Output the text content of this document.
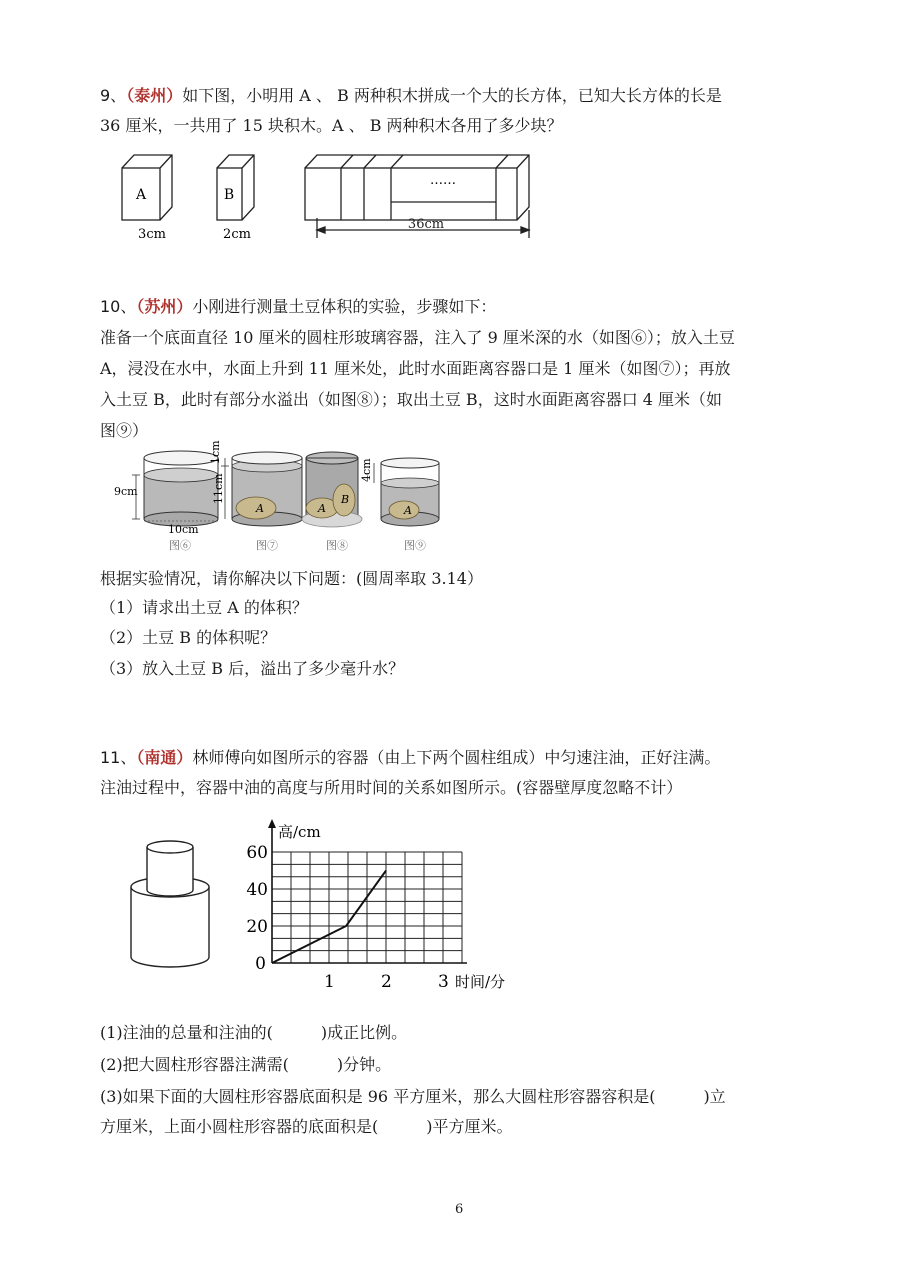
9、（泰州）如下图，小明用 A 、 B 两种积木拼成一个大的长方体，已知大长方体的长是
36 厘米，一共用了 15 块积木。A 、 B 两种积木各用了多少块？
A
3cm
B
2cm
……
36cm
10、（苏州）小刚进行测量土豆体积的实验，步骤如下：
准备一个底面直径 10 厘米的圆柱形玻璃容器，注入了 9 厘米深的水（如图⑥）；放入土豆
A，浸没在水中，水面上升到 11 厘米处，此时水面距离容器口是 1 厘米（如图⑦）；再放
入土豆 B，此时有部分水溢出（如图⑧）；取出土豆 B，这时水面距离容器口 4 厘米（如
图⑨）
9cm
10cm
图⑥
A
1cm
11cm
图⑦
A
B
图⑧
A
4cm
图⑨
根据实验情况，请你解决以下问题：(圆周率取 3.14）
（1）请求出土豆 A 的体积？
（2）土豆 B 的体积呢？
（3）放入土豆 B 后，溢出了多少毫升水？
11、（南通）林师傅向如图所示的容器（由上下两个圆柱组成）中匀速注油，正好注满。
注油过程中，容器中油的高度与所用时间的关系如图所示。(容器壁厚度忽略不计）
20
40
60
0
1	2	3
高/cm
时间/分
(1)注油的总量和注油的(　　　)成正比例。
(2)把大圆柱形容器注满需(　　　)分钟。
(3)如果下面的大圆柱形容器底面积是 96 平方厘米，那么大圆柱形容器容积是(　　　)立
方厘米，上面小圆柱形容器的底面积是(　　　)平方厘米。
6
